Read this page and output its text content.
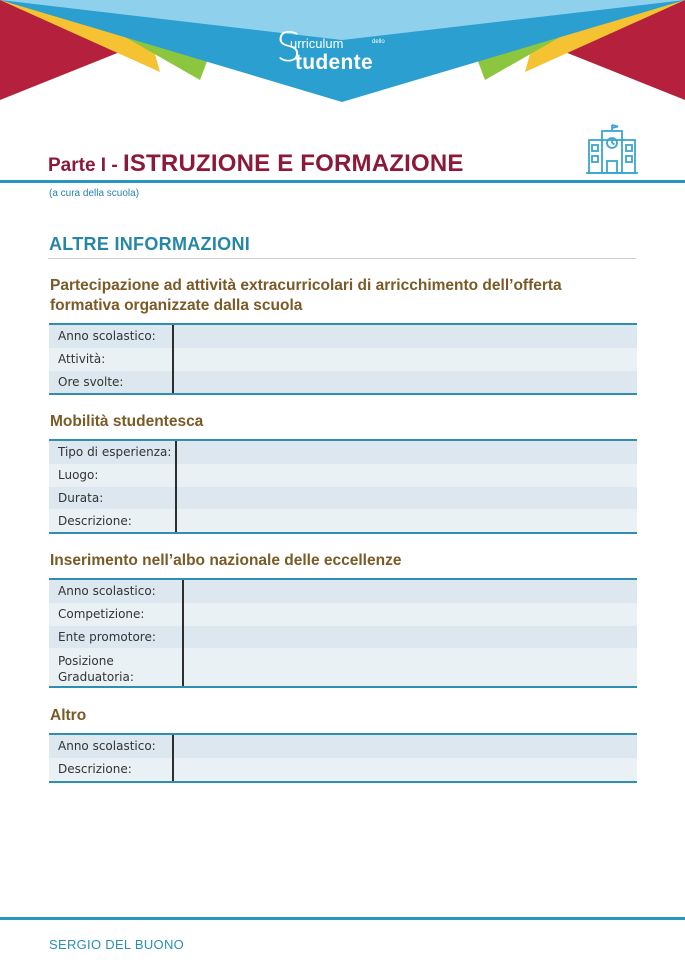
S
urriculum	dello
tudente
Parte I - ISTRUZIONE E FORMAZIONE
(a cura della scuola)
ALTRE INFORMAZIONI
Partecipazione ad attività extracurricolari di arricchimento dell’offerta formativa organizzate dalla scuola
Anno scolastico:
Attività:
Ore svolte:
Mobilità studentesca
Tipo di esperienza:
Luogo:
Durata:
Descrizione:
Inserimento nell’albo nazionale delle eccellenze
Anno scolastico:
Competizione:
Ente promotore:
Posizione Graduatoria:
Altro
Anno scolastico:
Descrizione:
SERGIO DEL BUONO
